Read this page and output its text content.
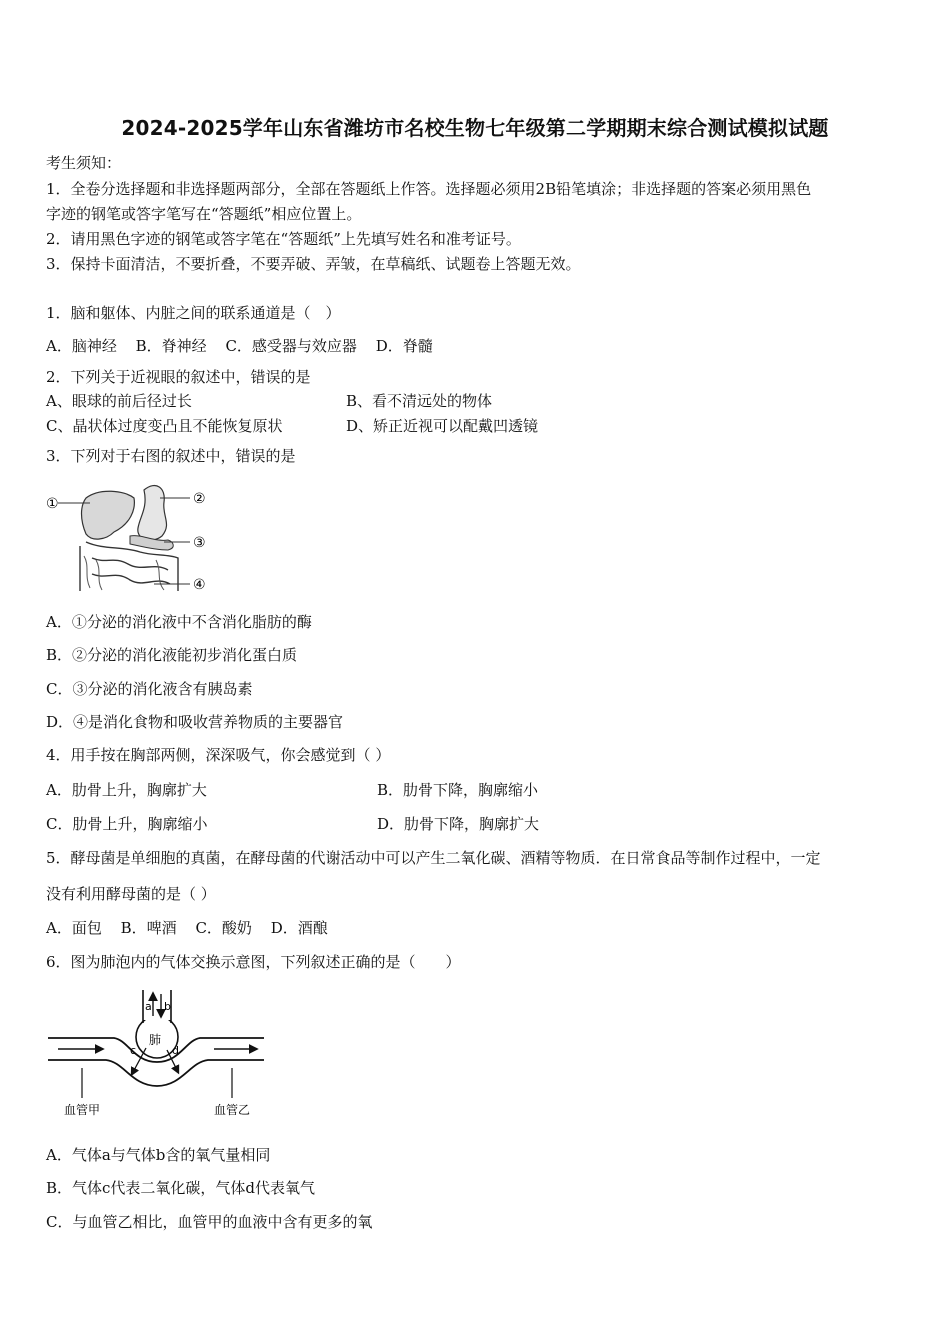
2024-2025学年山东省潍坊市名校生物七年级第二学期期末综合测试模拟试题
考生须知：
1．全卷分选择题和非选择题两部分，全部在答题纸上作答。选择题必须用2B铅笔填涂；非选择题的答案必须用黑色
字迹的钢笔或答字笔写在“答题纸”相应位置上。
2．请用黑色字迹的钢笔或答字笔在“答题纸”上先填写姓名和准考证号。
3．保持卡面清洁，不要折叠，不要弄破、弄皱，在草稿纸、试题卷上答题无效。
1．脑和躯体、内脏之间的联系通道是（　）
A．脑神经 B．脊神经 C．感受器与效应器 D．脊髓
2．下列关于近视眼的叙述中，错误的是
A、眼球的前后径过长	B、看不清远处的物体
C、晶状体过度变凸且不能恢复原状	D、矫正近视可以配戴凹透镜
3．下列对于右图的叙述中，错误的是
①	②
③
④
A．①分泌的消化液中不含消化脂肪的酶
B．②分泌的消化液能初步消化蛋白质
C．③分泌的消化液含有胰岛素
D．④是消化食物和吸收营养物质的主要器官
4．用手按在胸部两侧，深深吸气，你会感觉到（ ）
A．肋骨上升，胸廓扩大	B．肋骨下降，胸廓缩小
C．肋骨上升，胸廓缩小	D．肋骨下降，胸廓扩大
5．酵母菌是单细胞的真菌，在酵母菌的代谢活动中可以产生二氧化碳、酒精等物质．在日常食品等制作过程中，一定
没有利用酵母菌的是（ ）
A．面包 B．啤酒 C．酸奶 D．酒酿
6．图为肺泡内的气体交换示意图，下列叙述正确的是（　　）
a b
肺
c	d
血管甲	血管乙
A．气体a与气体b含的氧气量相同
B．气体c代表二氧化碳，气体d代表氧气
C．与血管乙相比，血管甲的血液中含有更多的氧
